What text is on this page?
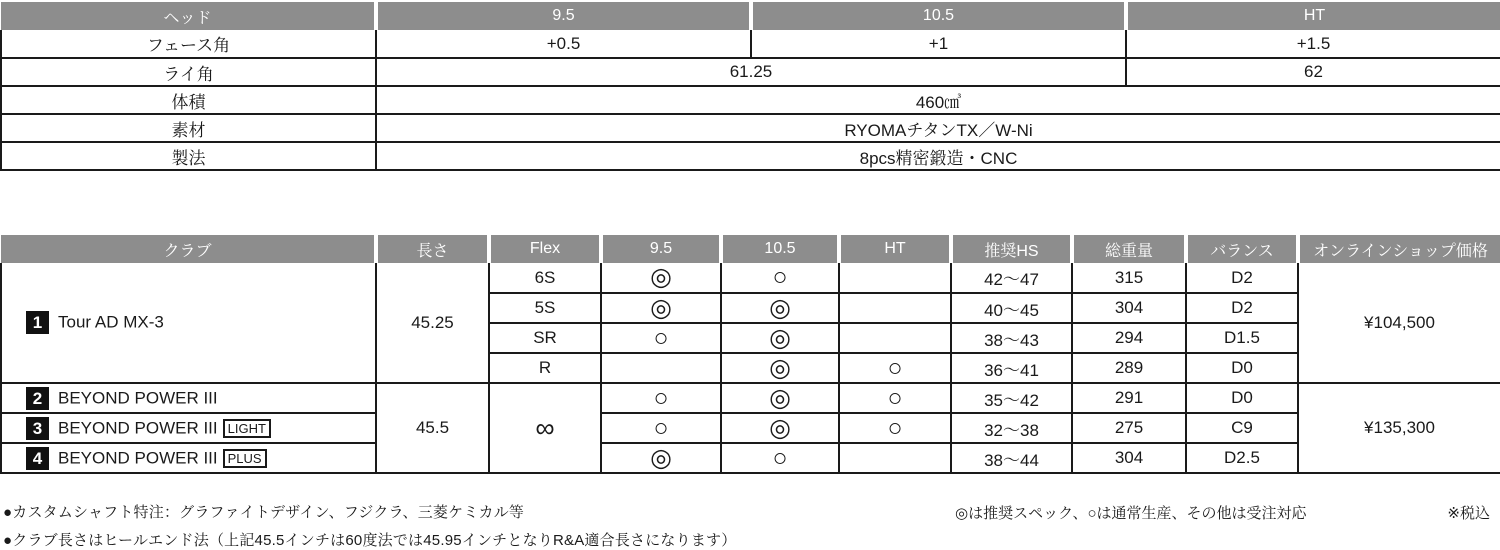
ヘッド	9.5	10.5	HT
フェース角	+0.5	+1	+1.5
ライ角	61.25		62
体積	460㎤		
素材	RYOMAチタンTX／W-Ni		
製法	8pcs精密鍛造・CNC		
クラブ	長さ	Flex	9.5	10.5	HT	推奨HS	総重量	バランス	オンラインショップ価格
1 Tour AD MX-3	45.25	6S	◎	○		42〜47	315	D2	¥104,500
		5S	◎	◎		40〜45	304	D2	
		SR	○	◎		38〜43	294	D1.5	
		R		◎	○	36〜41	289	D0	
2 BEYOND POWER III	45.5	∞	○	◎	○	35〜42	291	D0	¥135,300
3 BEYOND POWER III LIGHT			○	◎	○	32〜38	275	C9	
4 BEYOND POWER III PLUS			◎	○		38〜44	304	D2.5	
●カスタムシャフト特注：グラファイトデザイン、フジクラ、三菱ケミカル等
●クラブ長さはヒールエンド法（上記45.5インチは60度法では45.95インチとなりR&A適合長さになります）
◎は推奨スペック、○は通常生産、その他は受注対応	※税込
